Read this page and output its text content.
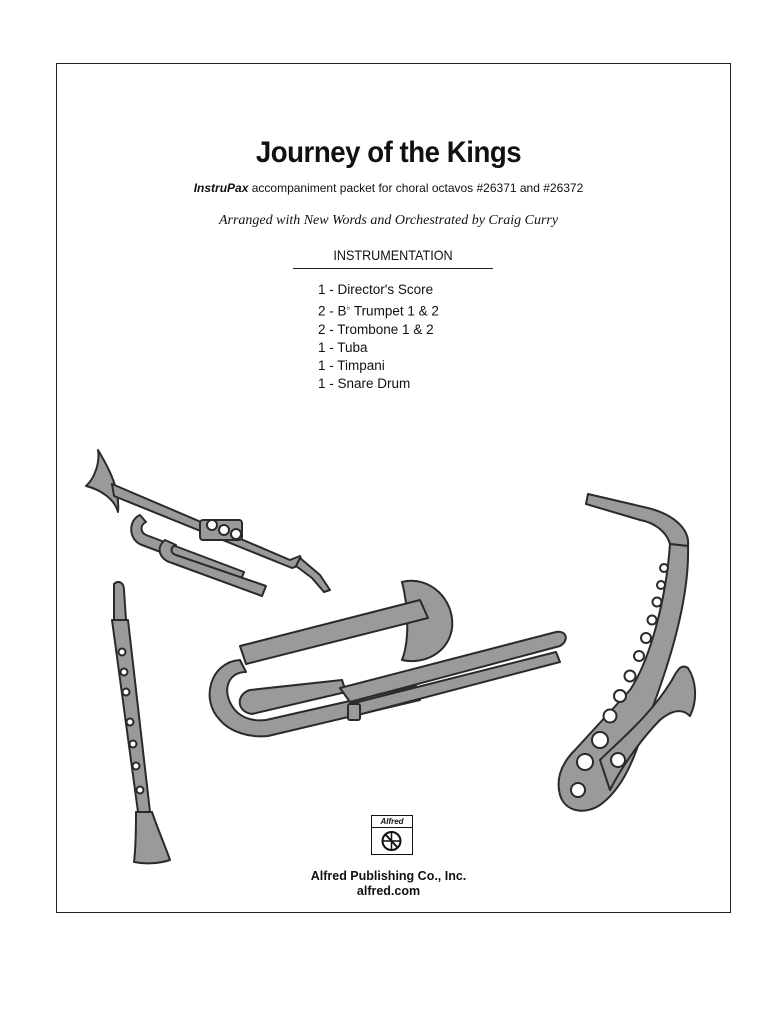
Journey of the Kings
InstruPax accompaniment packet for choral octavos #26371 and #26372
Arranged with New Words and Orchestrated by Craig Curry
INSTRUMENTATION
1 - Director's Score
2 - B♭ Trumpet 1 & 2
2 - Trombone 1 & 2
1 - Tuba
1 - Timpani
1 - Snare Drum
Alfred
Alfred Publishing Co., Inc.
alfred.com
